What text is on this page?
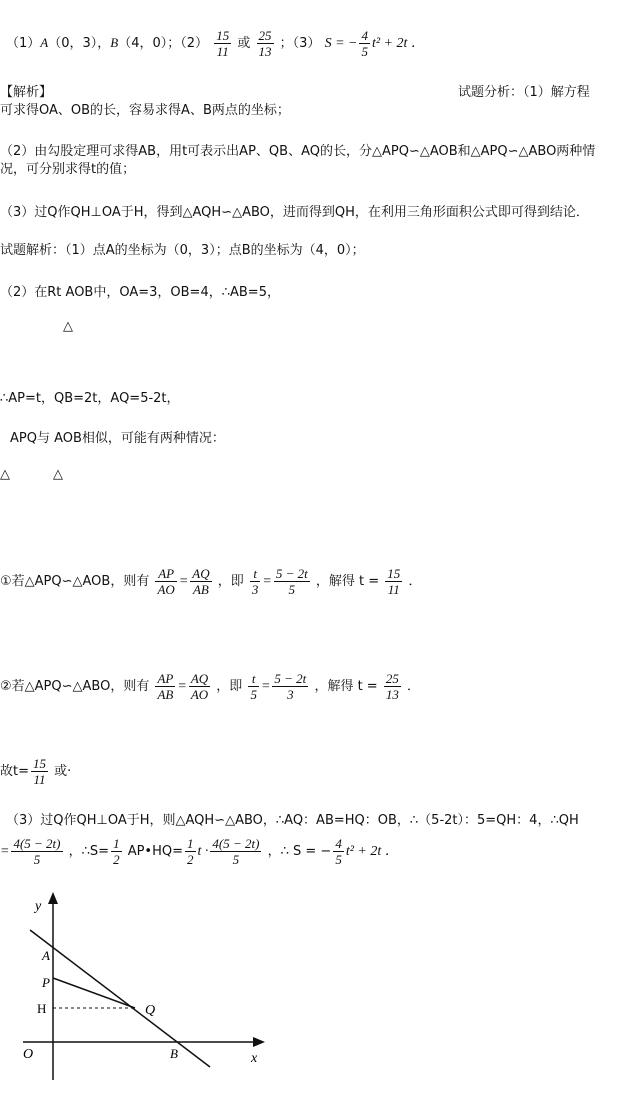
（1）A（0，3），B（4，0）；$(2) \frac{15}{11}$ 或 $\frac{25}{13}$ ；（3） S = − $\frac{4}{5} t^2 + 2t$ ．
【解析】	试题分析：（1）解方程
可求得OA、OB的长，容易求得A、B两点的坐标；
（2）由勾股定理可求得AB，用t可表示出AP、QB、AQ的长，分△APQ∽△AOB和△APQ∽△ABO两种情
况，可分别求得t的值；
（3）过Q作QH⊥OA于H，得到△AQH∽△ABO，进而得到QH，在利用三角形面积公式即可得到结论．
试题解析：（1）点A的坐标为（0，3）；点B的坐标为（4，0）；
（2）在Rt AOB中，OA=3，OB=4，∴AB=5，
△
∴AP=t，QB=2t，AQ=5-2t，
APQ与 AOB相似，可能有两种情况：
△	△
①若△APQ∽△AOB，则有 $\frac{AP}{AO} = \frac{AQ}{AB}$ ，即 $\frac{t}{3} = \frac{5 - 2t}{5}$ ，解得 $t = \frac{15}{11}$ ．
②若△APQ∽△ABO，则有 $\frac{AP}{AB} = \frac{AQ}{AO}$ ，即 $\frac{t}{5} = \frac{5 - 2t}{3}$ ，解得 $t = \frac{25}{13}$ ．
故$t= \frac{15}{11}$ 或·
（3）过Q作QH⊥OA于H，则△AQH∽△ABO，∴AQ：AB=HQ：OB，∴（5-2t）：5=QH：4，∴QH
= $\frac{4(5 - 2t)}{5}$ ，∴S= $\frac{1}{2}$ AP•HQ= $\frac{1}{2}$ $t \cdot \frac{4(5 - 2t)}{5}$ ，∴ S = − $\frac{4}{5} t^2 + 2t$ ．
y
x
O
A
P
H	Q
B
